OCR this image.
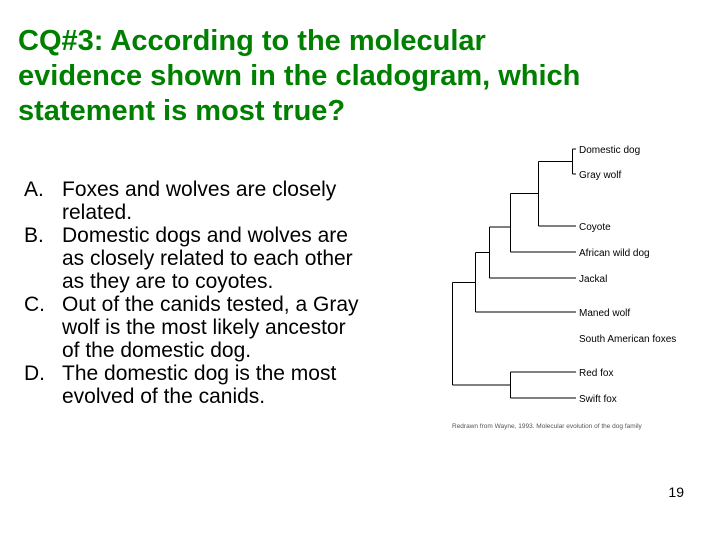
CQ#3: According to the molecular
evidence shown in the cladogram, which
statement is most true?
A. Foxes and wolves are closely
related.
B. Domestic dogs and wolves are
as closely related to each other
as they are to coyotes.
C. Out of the canids tested, a Gray
wolf is the most likely ancestor
of the domestic dog.
D. The domestic dog is the most
evolved of the canids.
Domestic dog
Gray wolf
Coyote
African wild dog
Jackal
Maned wolf
South American foxes
Red fox
Swift fox
Redrawn from Wayne, 1993. Molecular evolution of the dog family
19
